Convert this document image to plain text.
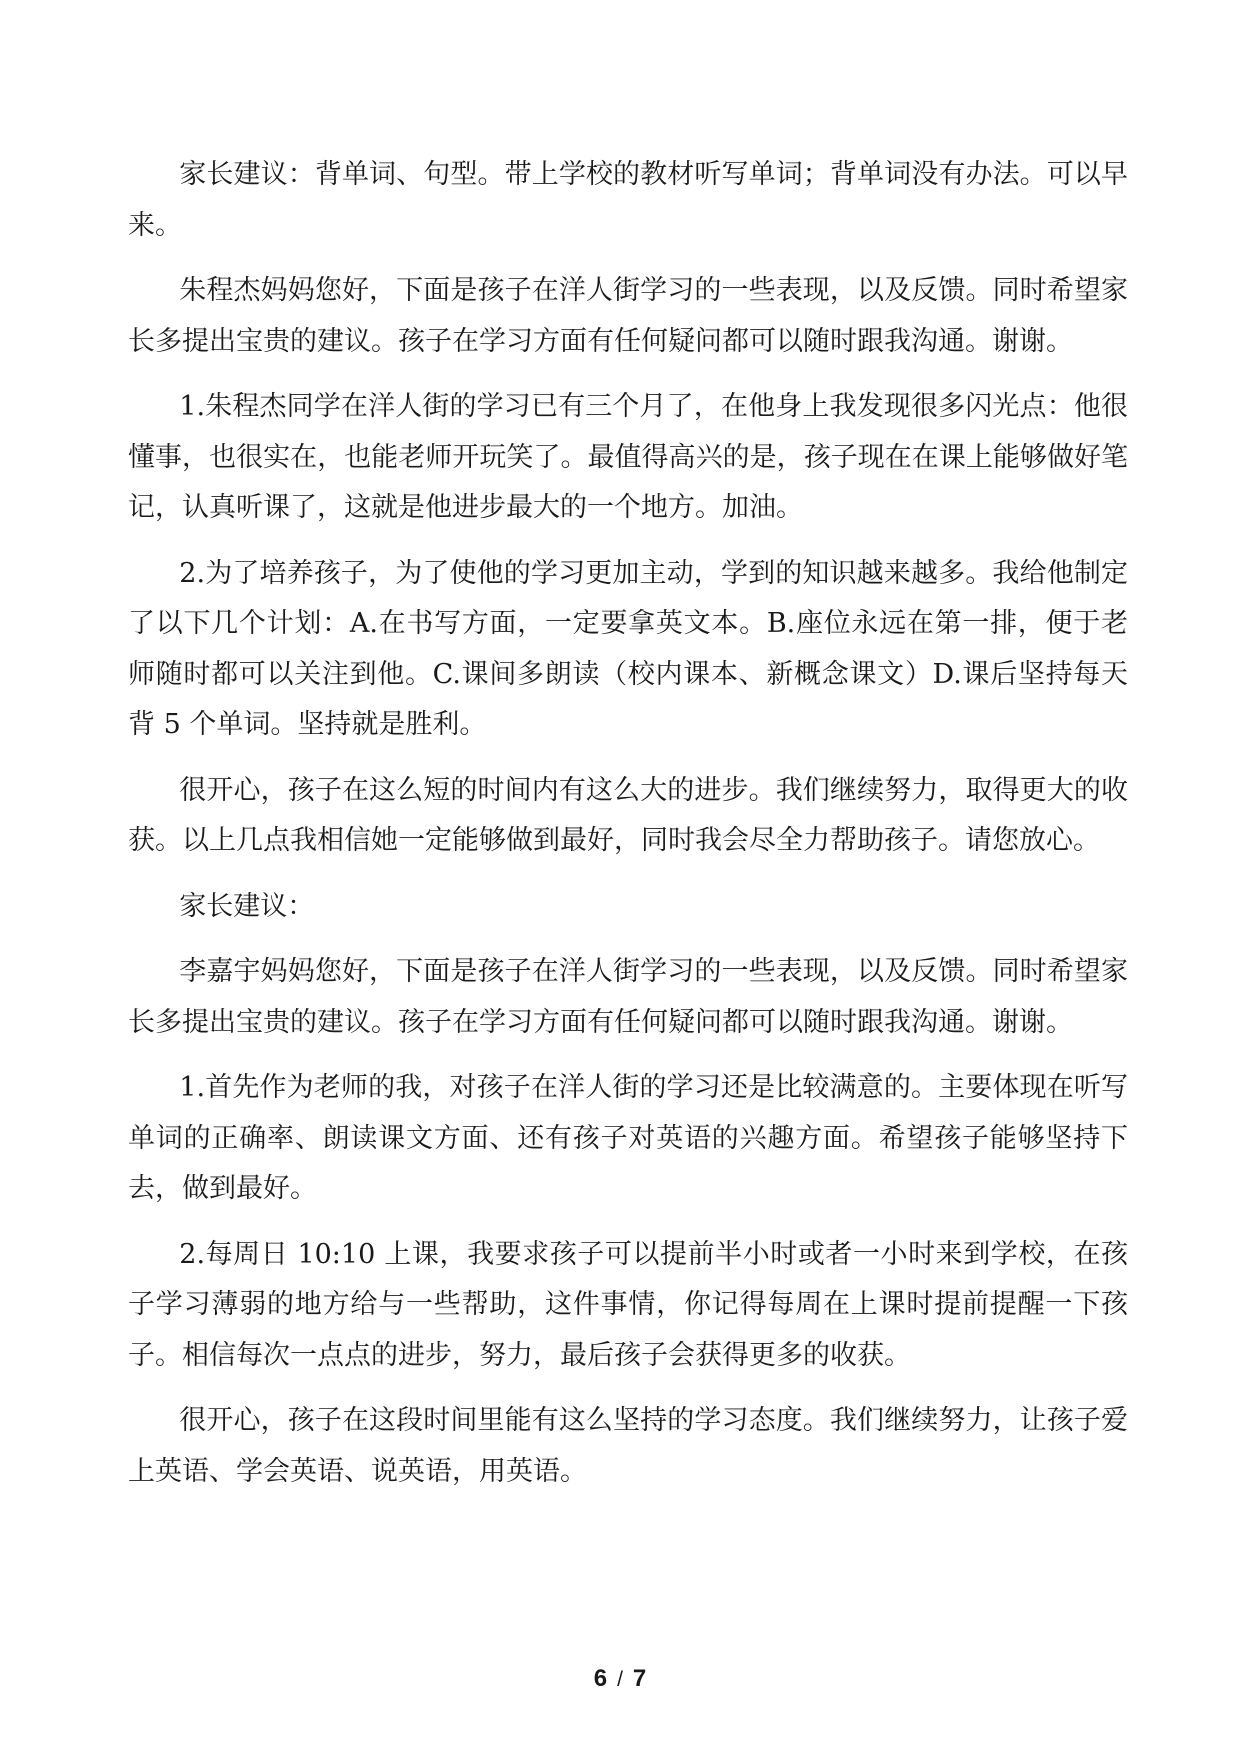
家长建议：背单词、句型。带上学校的教材听写单词；背单词没有办法。可以早来。

朱程杰妈妈您好，下面是孩子在洋人街学习的一些表现，以及反馈。同时希望家长多提出宝贵的建议。孩子在学习方面有任何疑问都可以随时跟我沟通。谢谢。

1.朱程杰同学在洋人街的学习已有三个月了，在他身上我发现很多闪光点：他很懂事，也很实在，也能老师开玩笑了。最值得高兴的是，孩子现在在课上能够做好笔记，认真听课了，这就是他进步最大的一个地方。加油。

2.为了培养孩子，为了使他的学习更加主动，学到的知识越来越多。我给他制定了以下几个计划：A.在书写方面，一定要拿英文本。B.座位永远在第一排，便于老师随时都可以关注到他。C.课间多朗读（校内课本、新概念课文）D.课后坚持每天背 5 个单词。坚持就是胜利。

很开心，孩子在这么短的时间内有这么大的进步。我们继续努力，取得更大的收获。以上几点我相信她一定能够做到最好，同时我会尽全力帮助孩子。请您放心。

家长建议：

李嘉宇妈妈您好，下面是孩子在洋人街学习的一些表现，以及反馈。同时希望家长多提出宝贵的建议。孩子在学习方面有任何疑问都可以随时跟我沟通。谢谢。

1.首先作为老师的我，对孩子在洋人街的学习还是比较满意的。主要体现在听写单词的正确率、朗读课文方面、还有孩子对英语的兴趣方面。希望孩子能够坚持下去，做到最好。

2.每周日 10:10 上课，我要求孩子可以提前半小时或者一小时来到学校，在孩子学习薄弱的地方给与一些帮助，这件事情，你记得每周在上课时提前提醒一下孩子。相信每次一点点的进步，努力，最后孩子会获得更多的收获。

很开心，孩子在这段时间里能有这么坚持的学习态度。我们继续努力，让孩子爱上英语、学会英语、说英语，用英语。

6 / 7
